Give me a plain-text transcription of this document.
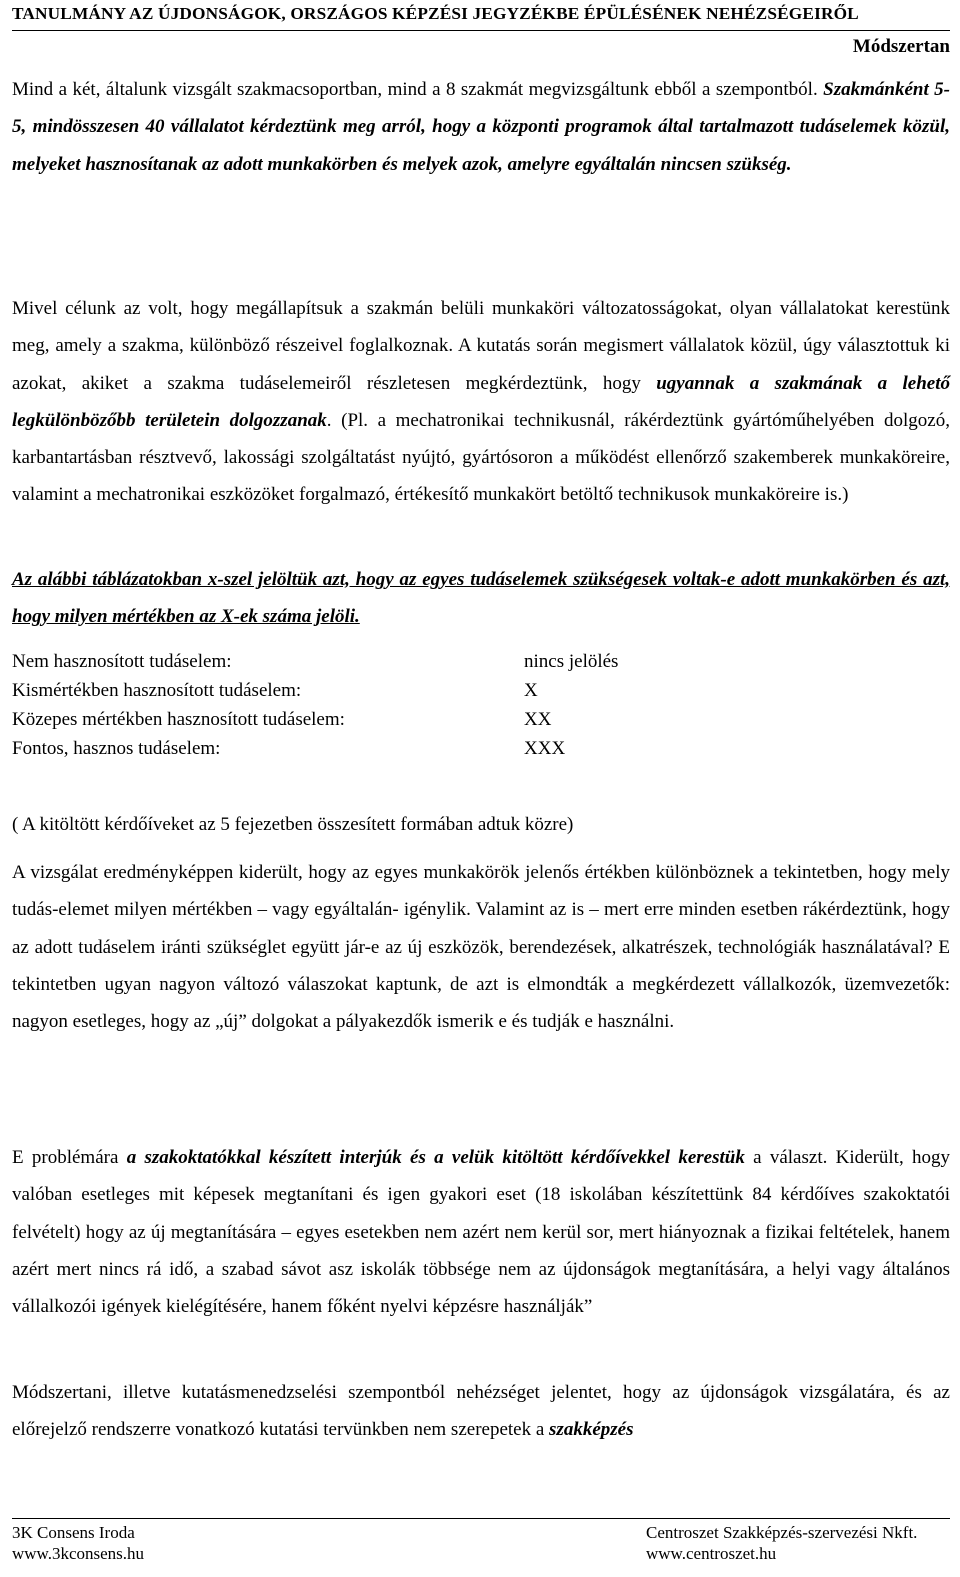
TANULMÁNY AZ ÚJDONSÁGOK, ORSZÁGOS KÉPZÉSI JEGYZÉKBE ÉPÜLÉSÉNEK NEHÉZSÉGEIRŐL
Módszertan

Mind a két, általunk vizsgált szakmacsoportban, mind a 8 szakmát megvizsgáltunk ebből a szempontból. Szakmánként 5-5, mindösszesen 40 vállalatot kérdeztünk meg arról, hogy a központi programok által tartalmazott tudáselemek közül, melyeket hasznosítanak az adott munkakörben és melyek azok, amelyre egyáltalán nincsen szükség.

Mivel célunk az volt, hogy megállapítsuk a szakmán belüli munkaköri változatosságokat, olyan vállalatokat kerestünk meg, amely a szakma, különböző részeivel foglalkoznak. A kutatás során megismert vállalatok közül, úgy választottuk ki azokat, akiket a szakma tudáselemeiről részletesen megkérdeztünk, hogy ugyannak a szakmának a lehető legkülönbözőbb területein dolgozzanak. (Pl. a mechatronikai technikusnál, rákérdeztünk gyártóműhelyében dolgozó, karbantartásban résztvevő, lakossági szolgáltatást nyújtó, gyártósoron a működést ellenőrző szakemberek munkaköreire, valamint a mechatronikai eszközöket forgalmazó, értékesítő munkakört betöltő technikusok munkaköreire is.)

Az alábbi táblázatokban x-szel jelöltük azt, hogy az egyes tudáselemek szükségesek voltak-e adott munkakörben és azt, hogy milyen mértékben az X-ek száma jelöli.

Nem hasznosított tudáselem:	nincs jelölés
Kismértékben hasznosított tudáselem:	X
Közepes mértékben hasznosított tudáselem:	XX
Fontos, hasznos tudáselem:	XXX

( A kitöltött kérdőíveket az 5 fejezetben összesített formában adtuk közre)

A vizsgálat eredményképpen kiderült, hogy az egyes munkakörök jelenős értékben különböznek a tekintetben, hogy mely tudás-elemet milyen mértékben – vagy egyáltalán- igénylik. Valamint az is – mert erre minden esetben rákérdeztünk, hogy az adott tudáselem iránti szükséglet együtt jár-e az új eszközök, berendezések, alkatrészek, technológiák használatával? E tekintetben ugyan nagyon változó válaszokat kaptunk, de azt is elmondták a megkérdezett vállalkozók, üzemvezetők: nagyon esetleges, hogy az „új” dolgokat a pályakezdők ismerik e és tudják e használni.

E problémára a szakoktatókkal készített interjúk és a velük kitöltött kérdőívekkel kerestük a választ. Kiderült, hogy valóban esetleges mit képesek megtanítani és igen gyakori eset (18 iskolában készítettünk 84 kérdőíves szakoktatói felvételt) hogy az új megtanítására – egyes esetekben nem azért nem kerül sor, mert hiányoznak a fizikai feltételek, hanem azért mert nincs rá idő, a szabad sávot asz iskolák többsége nem az újdonságok megtanítására, a helyi vagy általános vállalkozói igények kielégítésére, hanem főként nyelvi képzésre használják”

Módszertani, illetve kutatásmenedzselési szempontból nehézséget jelentet, hogy az újdonságok vizsgálatára, és az előrejelző rendszerre vonatkozó kutatási tervünkben nem szerepetek a szakképzés

3K Consens Iroda
www.3kconsens.hu
Centroszet Szakképzés-szervezési Nkft.
www.centroszet.hu
